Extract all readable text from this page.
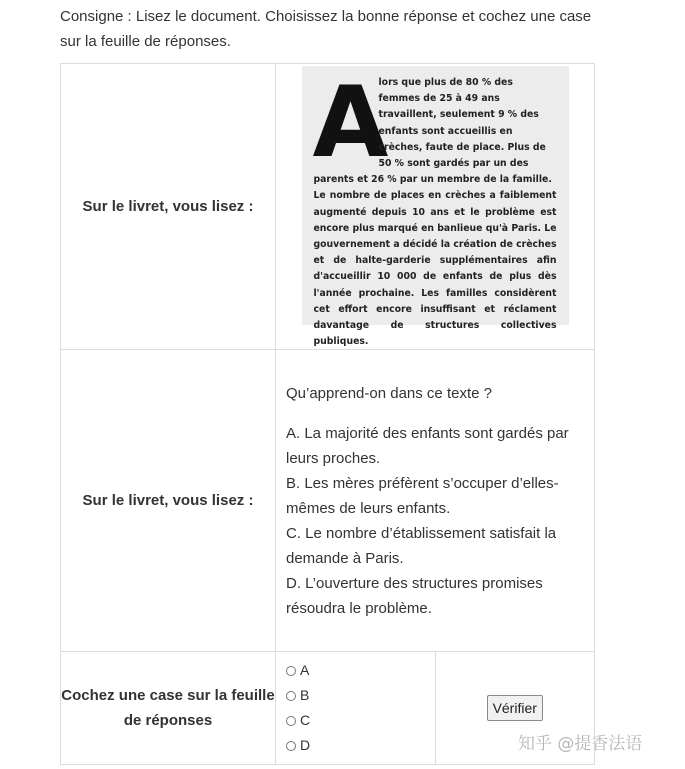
Consigne : Lisez le document. Choisissez la bonne réponse et cochez une case sur la feuille de réponses.
Sur le livret, vous lisez :	A
lors que plus de 80 % des femmes de 25 à 49 ans travaillent, seulement 9 % des enfants sont accueillis en crèches, faute de place. Plus de 50 % sont gardés par un des parents et 26 % par un membre de la famille.
Le nombre de places en crèches a faiblement augmenté depuis 10 ans et le problème est encore plus marqué en banlieue qu'à Paris. Le gouvernement a décidé la création de crèches et de halte-garderie supplémentaires afin d'accueillir 10 000 de enfants de plus dès l'année prochaine. Les familles considèrent cet effort encore insuffisant et réclament davantage de structures collectives publiques.	

Sur le livret, vous lisez :	Qu’apprend-on dans ce texte ?

A. La majorité des enfants sont gardés par leurs proches.

B. Les mères préfèrent s’occuper d’elles-mêmes de leurs enfants.

C. Le nombre d’établissement satisfait la demande à Paris.

D. L’ouverture des structures promises résoudra le problème.	

Cochez une case sur la feuille de réponses	A
B
C
D	Vérifier
知乎 @提香法语
